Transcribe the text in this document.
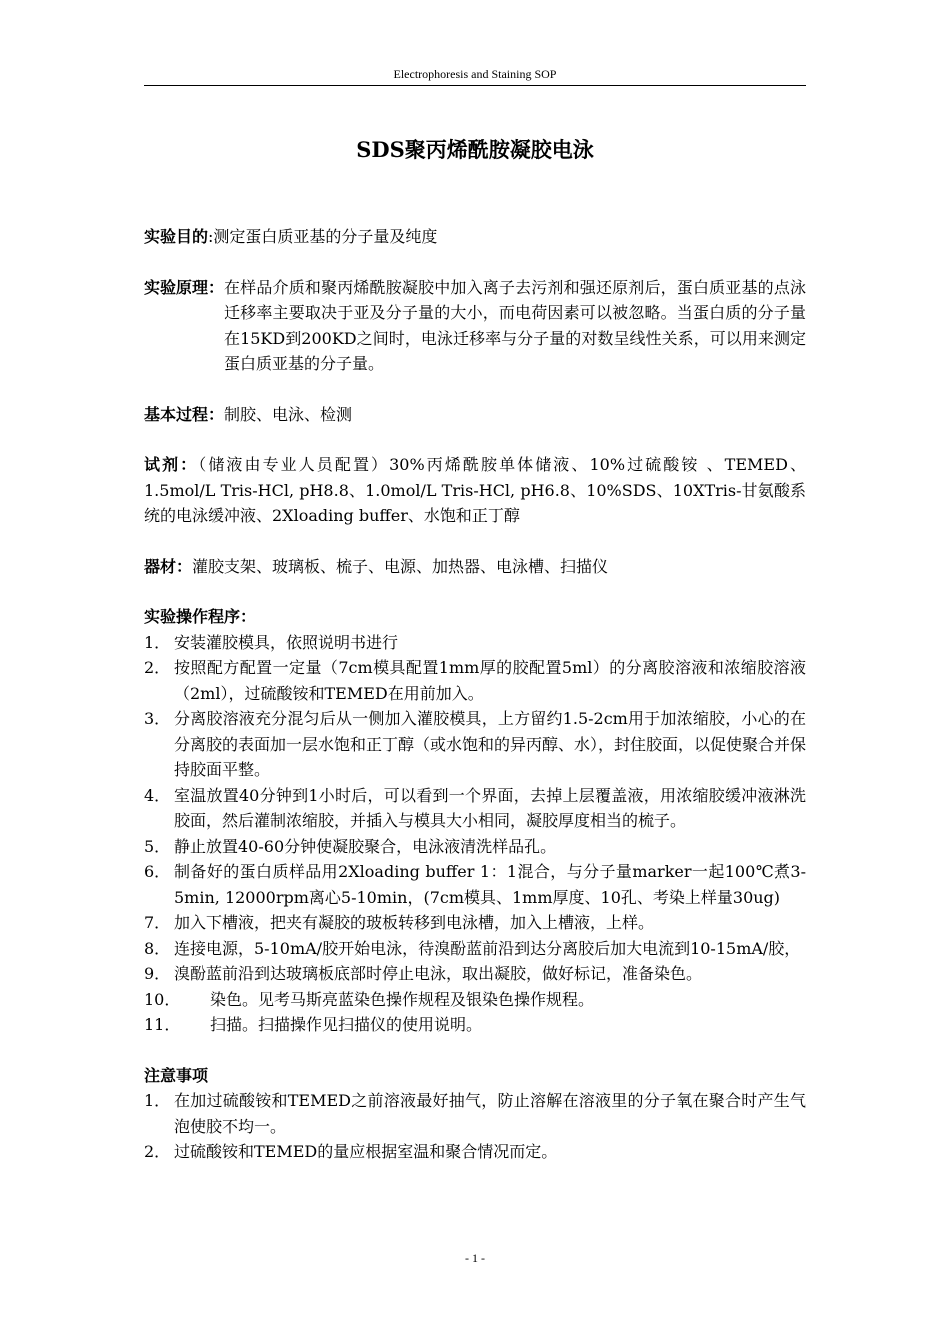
Electrophoresis and Staining SOP
SDS聚丙烯酰胺凝胶电泳

实验目的:测定蛋白质亚基的分子量及纯度

实验原理： 在样品介质和聚丙烯酰胺凝胶中加入离子去污剂和强还原剂后，蛋白质亚基的点泳迁移率主要取决于亚及分子量的大小，而电荷因素可以被忽略。当蛋白质的分子量在15KD到200KD之间时，电泳迁移率与分子量的对数呈线性关系，可以用来测定蛋白质亚基的分子量。

基本过程：制胶、电泳、检测

试剂：（储液由专业人员配置）30%丙烯酰胺单体储液、10%过硫酸铵 、TEMED、1.5mol/L Tris-HCl, pH8.8、1.0mol/L Tris-HCl, pH6.8、10%SDS、10XTris-甘氨酸系统的电泳缓冲液、2Xloading buffer、水饱和正丁醇

器材：灌胶支架、玻璃板、梳子、电源、加热器、电泳槽、扫描仪

实验操作程序：

1． 安装灌胶模具，依照说明书进行
2． 按照配方配置一定量（7cm模具配置1mm厚的胶配置5ml）的分离胶溶液和浓缩胶溶液（2ml），过硫酸铵和TEMED在用前加入。
3． 分离胶溶液充分混匀后从一侧加入灌胶模具，上方留约1.5-2cm用于加浓缩胶，小心的在分离胶的表面加一层水饱和正丁醇（或水饱和的异丙醇、水），封住胶面，以促使聚合并保持胶面平整。
4． 室温放置40分钟到1小时后，可以看到一个界面，去掉上层覆盖液，用浓缩胶缓冲液淋洗胶面，然后灌制浓缩胶，并插入与模具大小相同，凝胶厚度相当的梳子。
5． 静止放置40-60分钟使凝胶聚合，电泳液清洗样品孔。
6． 制备好的蛋白质样品用2Xloading buffer 1：1混合，与分子量marker一起100℃煮3-5min, 12000rpm离心5-10min，(7cm模具、1mm厚度、10孔、考染上样量30ug)
7． 加入下槽液，把夹有凝胶的玻板转移到电泳槽，加入上槽液，上样。
8． 连接电源，5-10mA/胶开始电泳，待溴酚蓝前沿到达分离胶后加大电流到10-15mA/胶，
9． 溴酚蓝前沿到达玻璃板底部时停止电泳，取出凝胶，做好标记，准备染色。
10．	染色。见考马斯亮蓝染色操作规程及银染色操作规程。
11．	扫描。扫描操作见扫描仪的使用说明。

注意事项

1． 在加过硫酸铵和TEMED之前溶液最好抽气，防止溶解在溶液里的分子氧在聚合时产生气泡使胶不均一。
2． 过硫酸铵和TEMED的量应根据室温和聚合情况而定。
- 1 -
